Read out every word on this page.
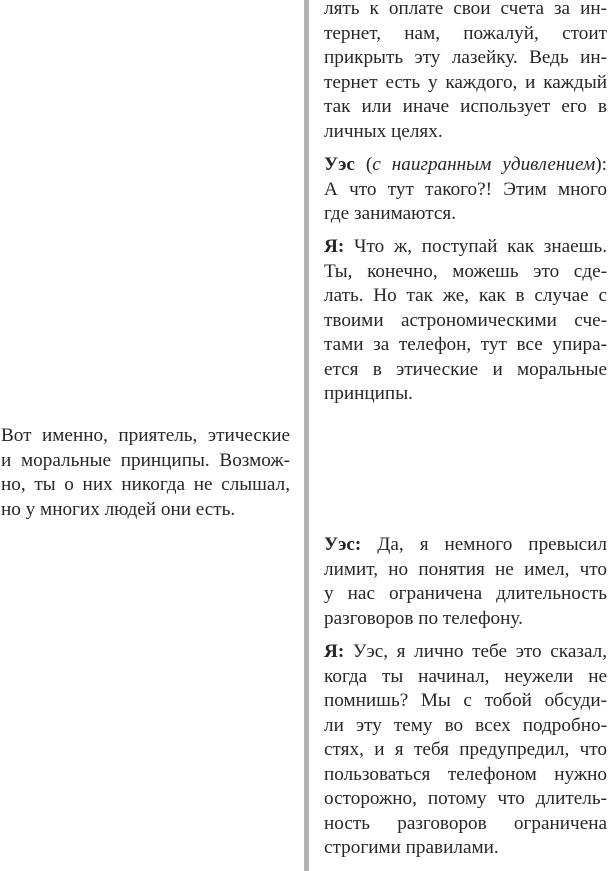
лять к оплате свои счета за ин-
тернет, нам, пожалуй, стоит
прикрыть эту лазейку. Ведь ин-
тернет есть у каждого, и каждый
так или иначе использует его в
личных целях.
Уэс (с наигранным удивлением):
А что тут такого?! Этим много
где занимаются.
Я: Что ж, поступай как знаешь.
Ты, конечно, можешь это сде-
лать. Но так же, как в случае с
твоими астрономическими сче-
тами за телефон, тут все упира-
ется в этические и моральные
принципы.
Вот именно, приятель, этические
и моральные принципы. Возмож-
но, ты о них никогда не слышал,
но у многих людей они есть.
Уэс: Да, я немного превысил
лимит, но понятия не имел, что
у нас ограничена длительность
разговоров по телефону.
Я: Уэс, я лично тебе это сказал,
когда ты начинал, неужели не
помнишь? Мы с тобой обсуди-
ли эту тему во всех подробно-
стях, и я тебя предупредил, что
пользоваться телефоном нужно
осторожно, потому что длитель-
ность разговоров ограничена
строгими правилами.
